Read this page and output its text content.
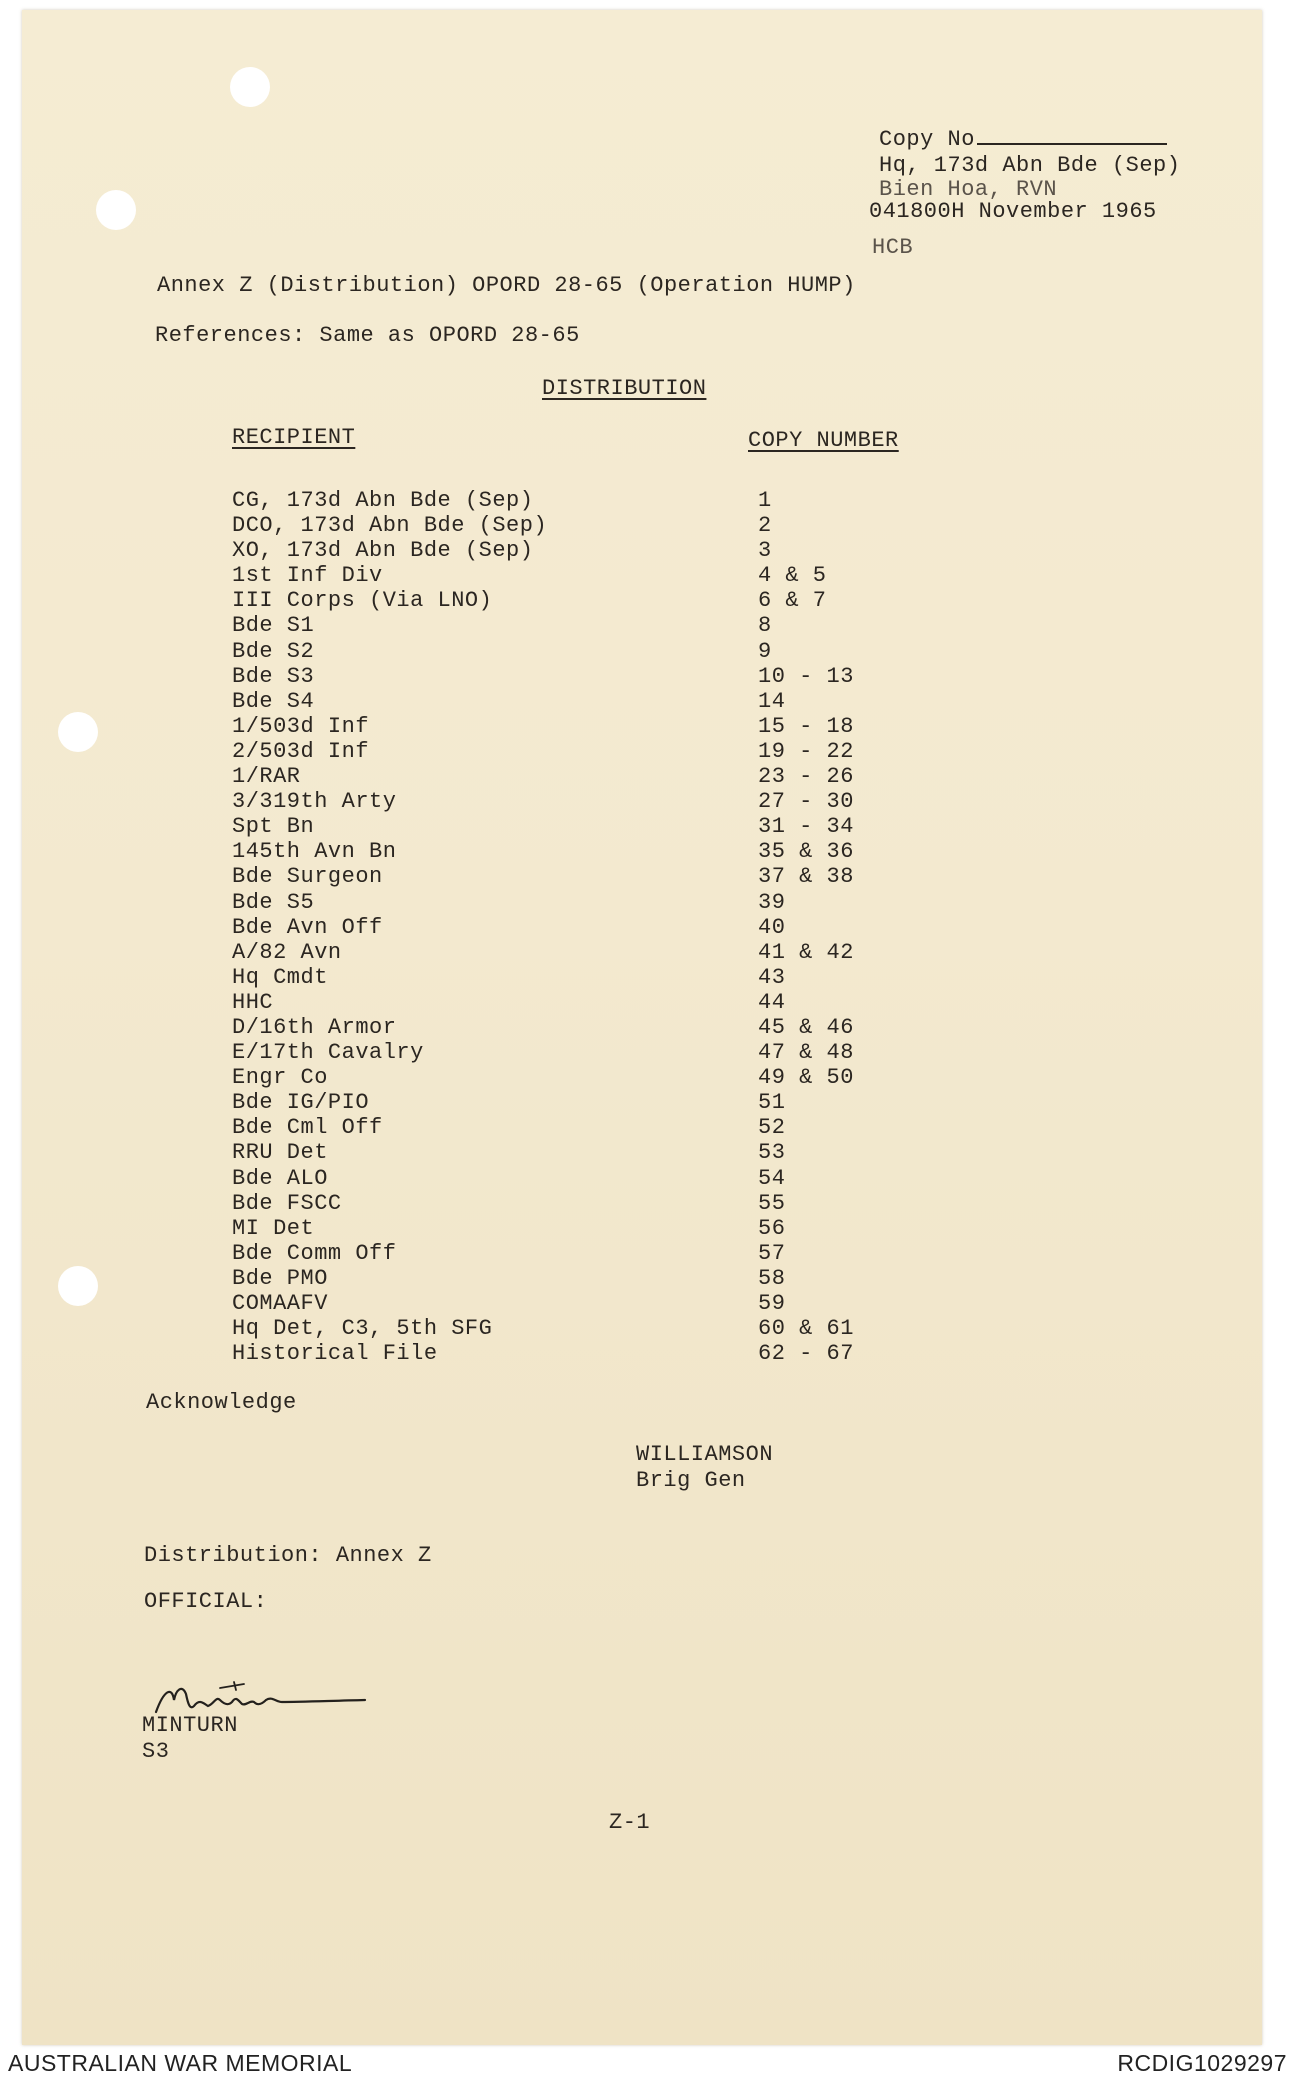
Copy No
Hq, 173d Abn Bde (Sep)
Bien Hoa, RVN
041800H November 1965
HCB
Annex Z (Distribution) OPORD 28-65 (Operation HUMP)
References: Same as OPORD 28-65
DISTRIBUTION
RECIPIENT	COPY NUMBER
CG, 173d Abn Bde (Sep)
DCO, 173d Abn Bde (Sep)
XO, 173d Abn Bde (Sep)
1st Inf Div
III Corps (Via LNO)
Bde S1
Bde S2
Bde S3
Bde S4
1/503d Inf
2/503d Inf
1/RAR
3/319th Arty
Spt Bn
145th Avn Bn
Bde Surgeon
Bde S5
Bde Avn Off
A/82 Avn
Hq Cmdt
HHC
D/16th Armor
E/17th Cavalry
Engr Co
Bde IG/PIO
Bde Cml Off
RRU Det
Bde ALO
Bde FSCC
MI Det
Bde Comm Off
Bde PMO
COMAAFV
Hq Det, C3, 5th SFG
Historical File
1
2
3
4 & 5
6 & 7
8
9
10 - 13
14
15 - 18
19 - 22
23 - 26
27 - 30
31 - 34
35 & 36
37 & 38
39
40
41 & 42
43
44
45 & 46
47 & 48
49 & 50
51
52
53
54
55
56
57
58
59
60 & 61
62 - 67
Acknowledge
WILLIAMSON
Brig Gen
Distribution: Annex Z
OFFICIAL:
Minturn
MINTURN
S3
Z-1
AUSTRALIAN WAR MEMORIAL	RCDIG1029297
